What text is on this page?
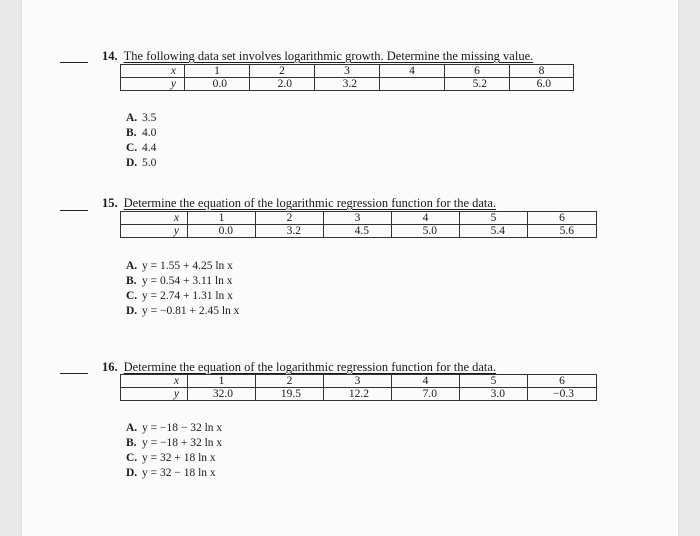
14. The following data set involves logarithmic growth. Determine the missing value.
x	1	2	3	4	6	8
y	0.0	2.0	3.2		5.2	6.0
A. 3.5
B. 4.0
C. 4.4
D. 5.0
15. Determine the equation of the logarithmic regression function for the data.
x	1	2	3	4	5	6
y	0.0	3.2	4.5	5.0	5.4	5.6
A. y = 1.55 + 4.25 ln x
B. y = 0.54 + 3.11 ln x
C. y = 2.74 + 1.31 ln x
D. y = −0.81 + 2.45 ln x
16. Determine the equation of the logarithmic regression function for the data.
x	1	2	3	4	5	6
y	32.0	19.5	12.2	7.0	3.0	−0.3
A. y = −18 − 32 ln x
B. y = −18 + 32 ln x
C. y = 32 + 18 ln x
D. y = 32 − 18 ln x
